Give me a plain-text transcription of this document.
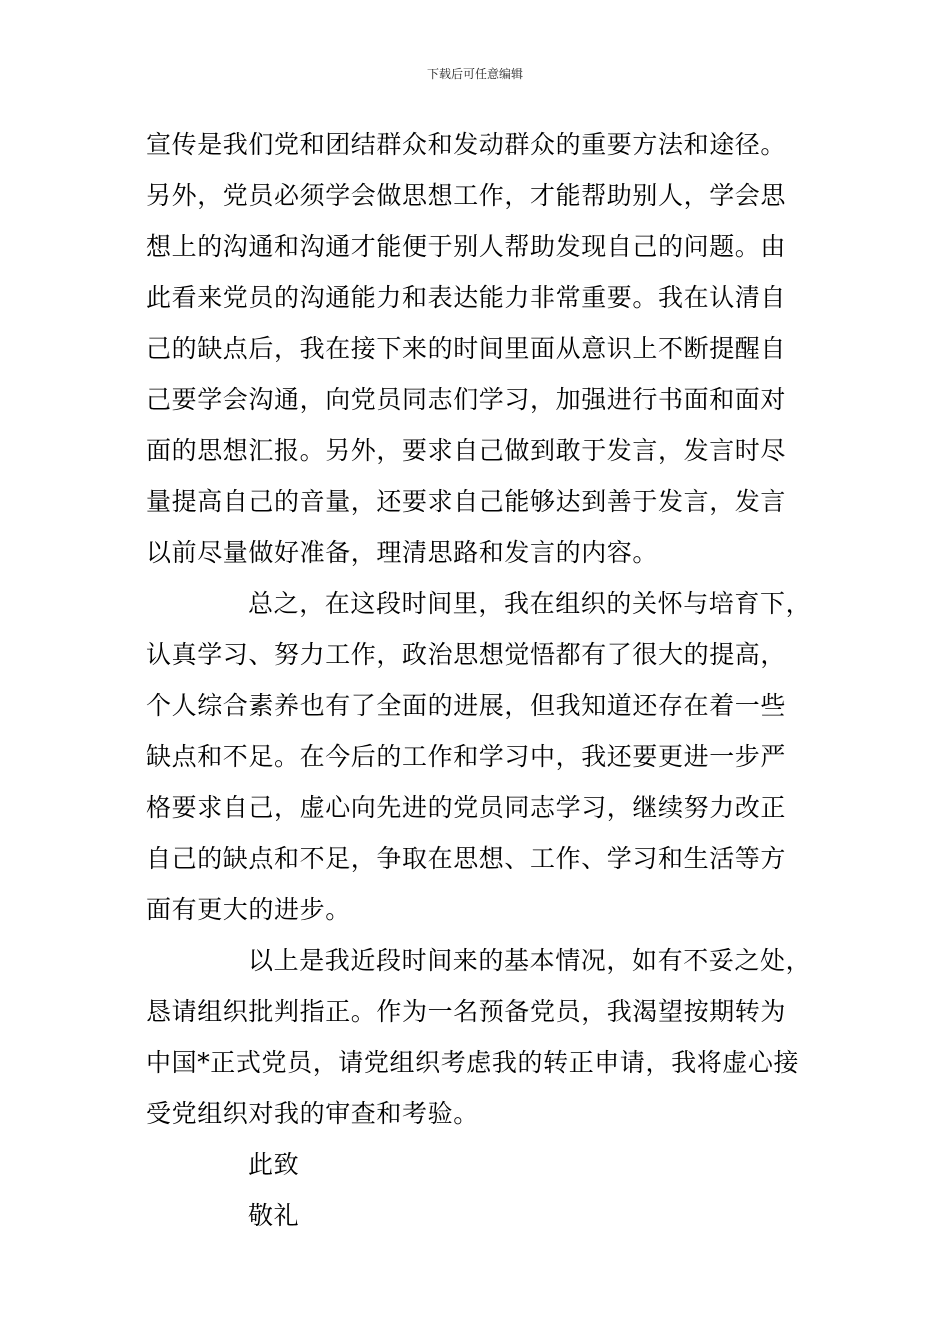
下载后可任意编辑
宣传是我们党和团结群众和发动群众的重要方法和途径。
另外，党员必须学会做思想工作，才能帮助别人，学会思
想上的沟通和沟通才能便于别人帮助发现自己的问题。由
此看来党员的沟通能力和表达能力非常重要。我在认清自
己的缺点后，我在接下来的时间里面从意识上不断提醒自
己要学会沟通，向党员同志们学习，加强进行书面和面对
面的思想汇报。另外，要求自己做到敢于发言，发言时尽
量提高自己的音量，还要求自己能够达到善于发言，发言
以前尽量做好准备，理清思路和发言的内容。
总之，在这段时间里，我在组织的关怀与培育下，
认真学习、努力工作，政治思想觉悟都有了很大的提高，
个人综合素养也有了全面的进展，但我知道还存在着一些
缺点和不足。在今后的工作和学习中，我还要更进一步严
格要求自己，虚心向先进的党员同志学习，继续努力改正
自己的缺点和不足，争取在思想、工作、学习和生活等方
面有更大的进步。
以上是我近段时间来的基本情况，如有不妥之处，
恳请组织批判指正。作为一名预备党员，我渴望按期转为
中国*正式党员，请党组织考虑我的转正申请，我将虚心接
受党组织对我的审查和考验。
此致
敬礼
